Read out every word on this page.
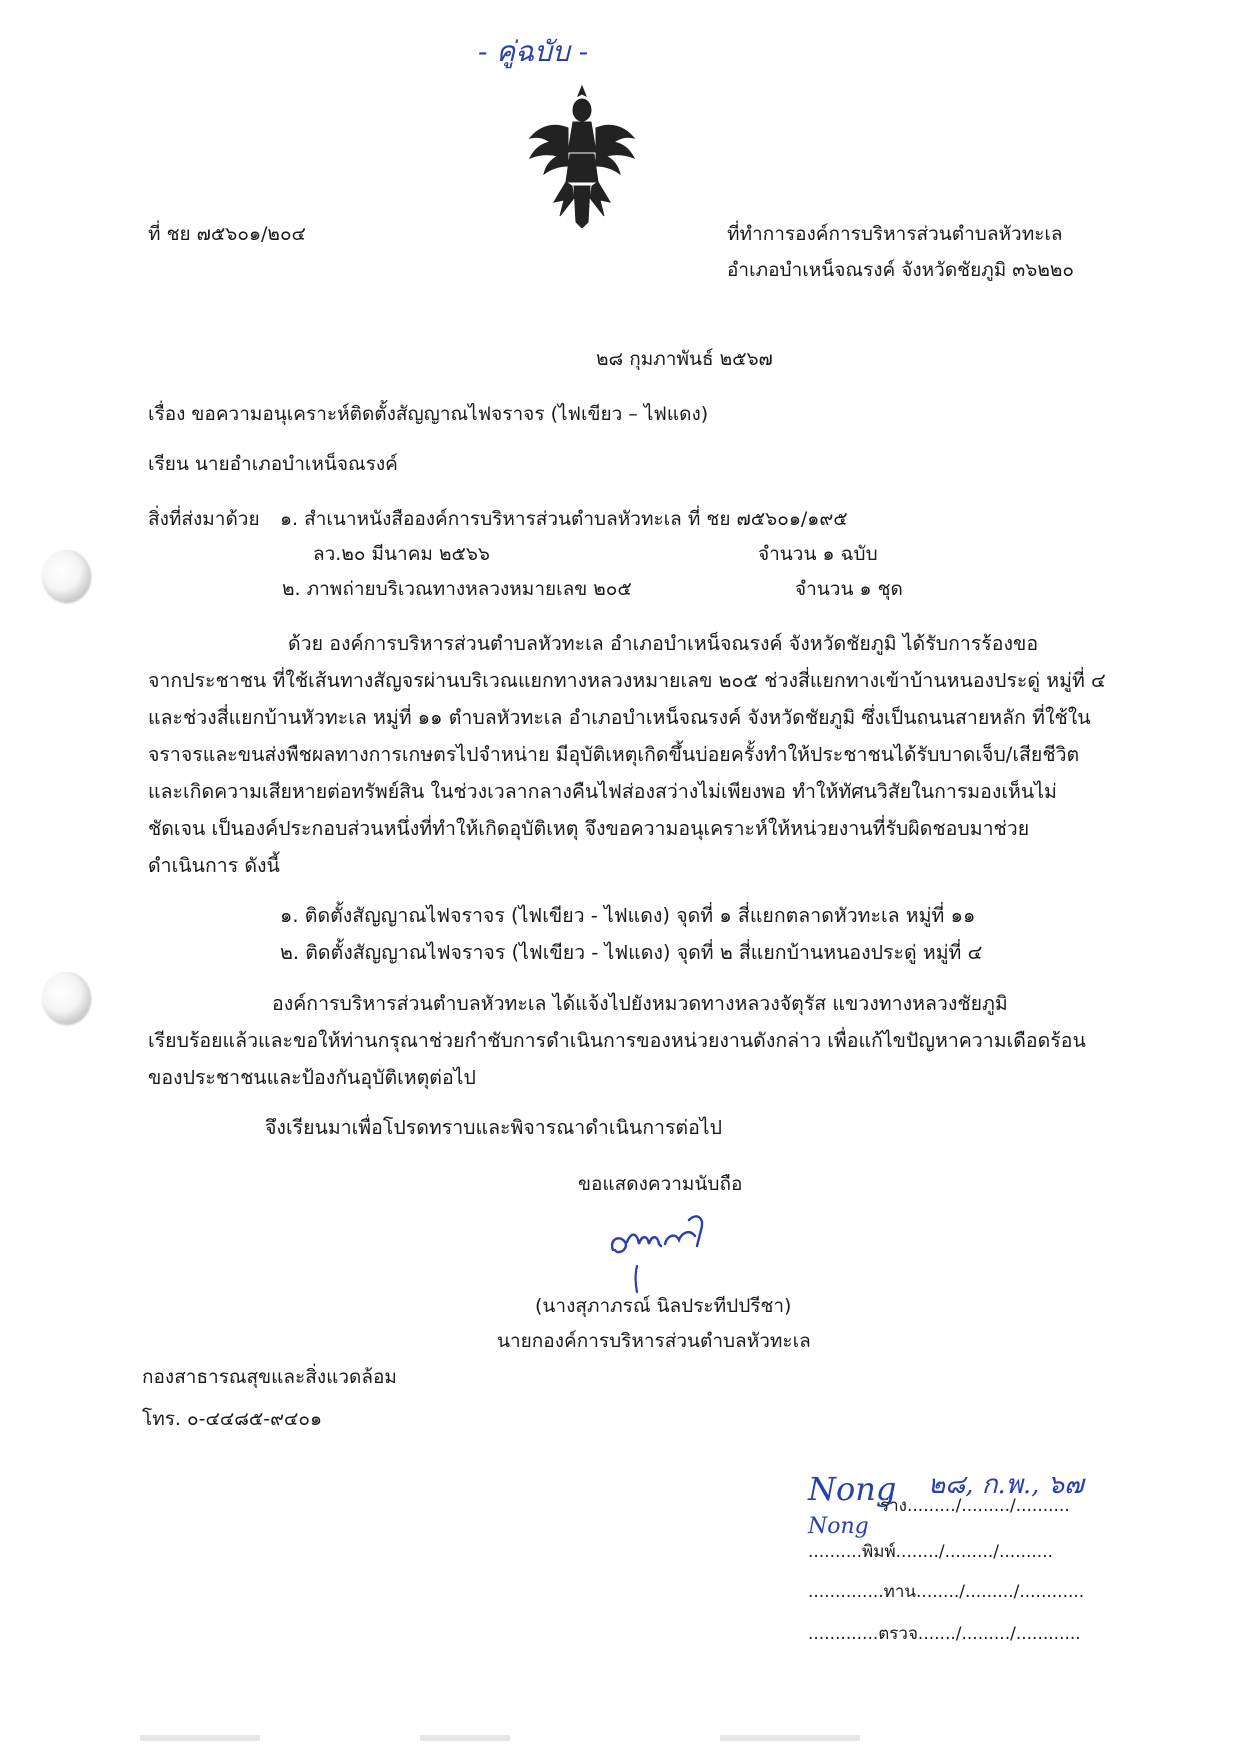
- คู่ฉบับ -
ที่ ชย ๗๕๖๐๑/๒๐๔	ที่ทำการองค์การบริหารส่วนตำบลหัวทะเล
อำเภอบำเหน็จณรงค์ จังหวัดชัยภูมิ ๓๖๒๒๐
๒๘ กุมภาพันธ์ ๒๕๖๗
เรื่อง ขอความอนุเคราะห์ติดตั้งสัญญาณไฟจราจร (ไฟเขียว – ไฟแดง)
เรียน นายอำเภอบำเหน็จณรงค์
สิ่งที่ส่งมาด้วย ๑. สำเนาหนังสือองค์การบริหารส่วนตำบลหัวทะเล ที่ ชย ๗๕๖๐๑/๑๙๕
ลว.๒๐ มีนาคม ๒๕๖๖	จำนวน ๑ ฉบับ
๒. ภาพถ่ายบริเวณทางหลวงหมายเลข ๒๐๕	จำนวน ๑ ชุด
ด้วย องค์การบริหารส่วนตำบลหัวทะเล อำเภอบำเหน็จณรงค์ จังหวัดชัยภูมิ ได้รับการร้องขอ
จากประชาชน ที่ใช้เส้นทางสัญจรผ่านบริเวณแยกทางหลวงหมายเลข ๒๐๕ ช่วงสี่แยกทางเข้าบ้านหนองประดู่ หมู่ที่ ๔
และช่วงสี่แยกบ้านหัวทะเล หมู่ที่ ๑๑ ตำบลหัวทะเล อำเภอบำเหน็จณรงค์ จังหวัดชัยภูมิ ซึ่งเป็นถนนสายหลัก ที่ใช้ใน
จราจรและขนส่งพืชผลทางการเกษตรไปจำหน่าย มีอุบัติเหตุเกิดขึ้นบ่อยครั้งทำให้ประชาชนได้รับบาดเจ็บ/เสียชีวิต
และเกิดความเสียหายต่อทรัพย์สิน ในช่วงเวลากลางคืนไฟส่องสว่างไม่เพียงพอ ทำให้ทัศนวิสัยในการมองเห็นไม่
ชัดเจน เป็นองค์ประกอบส่วนหนึ่งที่ทำให้เกิดอุบัติเหตุ จึงขอความอนุเคราะห์ให้หน่วยงานที่รับผิดชอบมาช่วย
ดำเนินการ ดังนี้
๑. ติดตั้งสัญญาณไฟจราจร (ไฟเขียว - ไฟแดง) จุดที่ ๑ สี่แยกตลาดหัวทะเล หมู่ที่ ๑๑
๒. ติดตั้งสัญญาณไฟจราจร (ไฟเขียว - ไฟแดง) จุดที่ ๒ สี่แยกบ้านหนองประดู่ หมู่ที่ ๔
องค์การบริหารส่วนตำบลหัวทะเล ได้แจ้งไปยังหมวดทางหลวงจัตุรัส แขวงทางหลวงชัยภูมิ
เรียบร้อยแล้วและขอให้ท่านกรุณาช่วยกำชับการดำเนินการของหน่วยงานดังกล่าว เพื่อแก้ไขปัญหาความเดือดร้อน
ของประชาชนและป้องกันอุบัติเหตุต่อไป
จึงเรียนมาเพื่อโปรดทราบและพิจารณาดำเนินการต่อไป
ขอแสดงความนับถือ
(นางสุภาภรณ์ นิลประทีปปรีชา)
นายกองค์การบริหารส่วนตำบลหัวทะเล
กองสาธารณสุขและสิ่งแวดล้อม
โทร. ๐-๔๔๘๕-๙๔๐๑
Nong ๒๘, ก.พ., ๖๗
ร่าง........./........./..........
Nong
..........พิมพ์......../........./..........
..............ทาน......../........./............
.............ตรวจ......./........./............
